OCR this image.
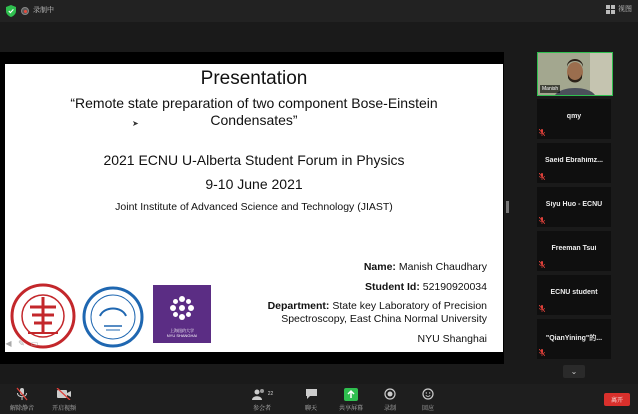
录制中	视图
Presentation
“Remote state preparation of two component Bose-Einstein Condensates”
➤
2021 ECNU U-Alberta Student Forum in Physics
9-10 June 2021
Joint Institute of Advanced Science and Technology (JIAST)
Name: Manish Chaudhary
Student Id: 52190920034
Department: State key Laboratory of Precision
Spectroscopy, East China Normal University
NYU Shanghai
上海纽约大学
NYU SHANGHAI
◀ ✎ ▭
Manish
qmy
Saeid Ebrahimz...
Siyu Huo - ECNU
Freeman Tsui
ECNU student
"QianYining"的...
⌄
解除静音	开启视频
22
参会者	聊天	共享屏幕	录制	回应
离开
